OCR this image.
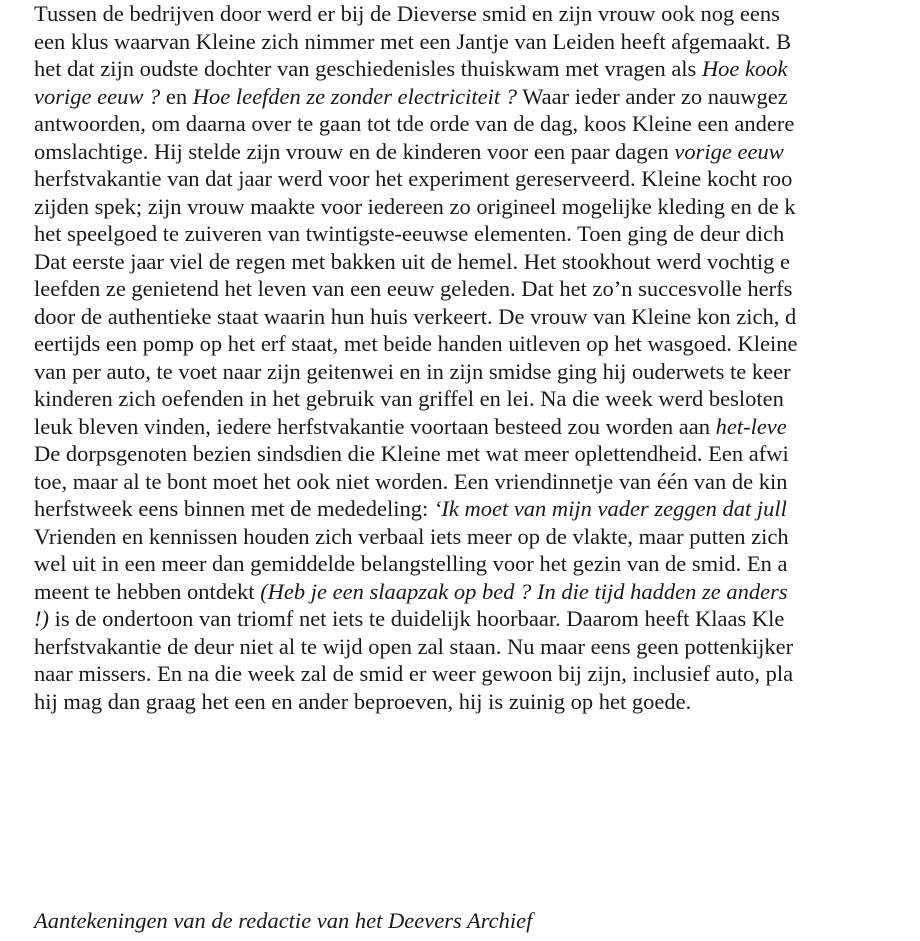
Tussen de bedrijven door werd er bij de Dieverse smid en zijn vrouw ook nog eens
een klus waarvan Kleine zich nimmer met een Jantje van Leiden heeft afgemaakt. B
het dat zijn oudste dochter van geschiedenisles thuiskwam met vragen als Hoe kook
vorige eeuw ? en Hoe leefden ze zonder electriciteit ? Waar ieder ander zo nauwgez
antwoorden, om daarna over te gaan tot tde orde van de dag, koos Kleine een andere
omslachtige. Hij stelde zijn vrouw en de kinderen voor een paar dagen vorige eeuw
herfstvakantie van dat jaar werd voor het experiment gereserveerd. Kleine kocht roo
zijden spek; zijn vrouw maakte voor iedereen zo origineel mogelijke kleding en de k
het speelgoed te zuiveren van twintigste-eeuwse elementen. Toen ging de deur dich
Dat eerste jaar viel de regen met bakken uit de hemel. Het stookhout werd vochtig e
leefden ze genietend het leven van een eeuw geleden. Dat het zo’n succesvolle herfs
door de authentieke staat waarin hun huis verkeert. De vrouw van Kleine kon zich, d
eertijds een pomp op het erf staat, met beide handen uitleven op het wasgoed. Kleine
van per auto, te voet naar zijn geitenwei en in zijn smidse ging hij ouderwets te keer
kinderen zich oefenden in het gebruik van griffel en lei. Na die week werd besloten
leuk bleven vinden, iedere herfstvakantie voortaan besteed zou worden aan het-leve
De dorpsgenoten bezien sindsdien die Kleine met wat meer oplettendheid. Een afwi
toe, maar al te bont moet het ook niet worden. Een vriendinnetje van één van de kin
herfstweek eens binnen met de mededeling: ‘Ik moet van mijn vader zeggen dat jull
Vrienden en kennissen houden zich verbaal iets meer op de vlakte, maar putten zich
wel uit in een meer dan gemiddelde belangstelling voor het gezin van de smid. En a
meent te hebben ontdekt (Heb je een slaapzak op bed ? In die tijd hadden ze anders
!) is de ondertoon van triomf net iets te duidelijk hoorbaar. Daarom heeft Klaas Kle
herfstvakantie de deur niet al te wijd open zal staan. Nu maar eens geen pottenkijker
naar missers. En na die week zal de smid er weer gewoon bij zijn, inclusief auto, pla
hij mag dan graag het een en ander beproeven, hij is zuinig op het goede.
Aantekeningen van de redactie van het Deevers Archief
